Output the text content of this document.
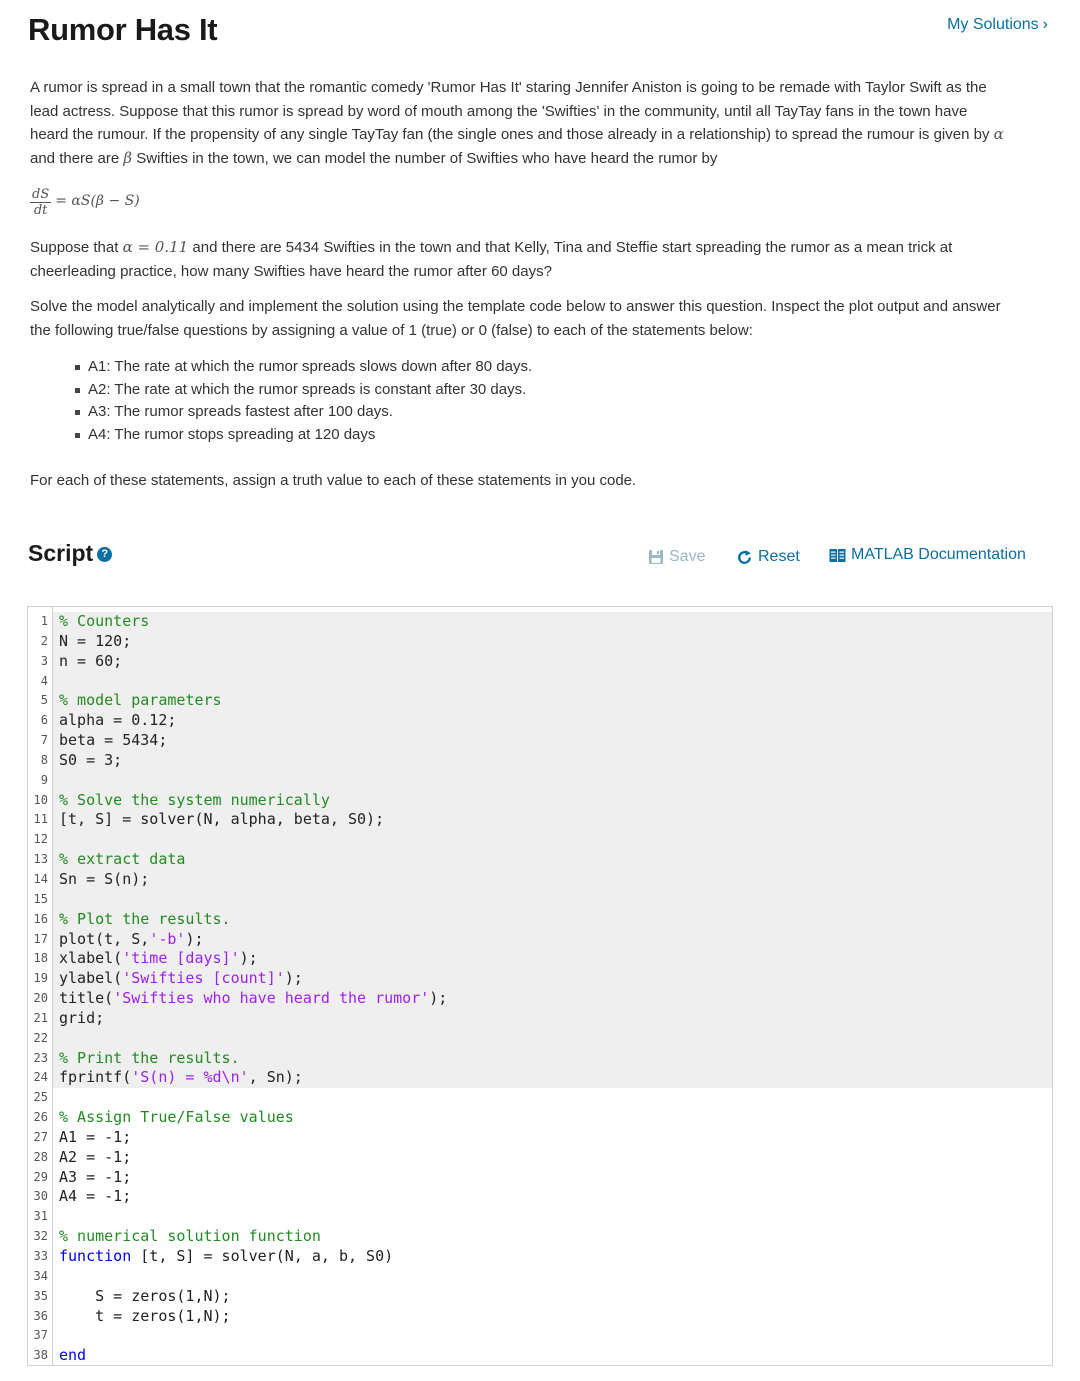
Rumor Has It	My Solutions ›

A rumor is spread in a small town that the romantic comedy 'Rumor Has It' staring Jennifer Aniston is going to be remade with Taylor Swift as the lead actress. Suppose that this rumor is spread by word of mouth among the 'Swifties' in the community, until all TayTay fans in the town have heard the rumour. If the propensity of any single TayTay fan (the single ones and those already in a relationship) to spread the rumour is given by α and there are β Swifties in the town, we can model the number of Swifties who have heard the rumor by

$\frac{dS}{dt} = \alpha S(\beta - S)$

Suppose that α = 0.11 and there are 5434 Swifties in the town and that Kelly, Tina and Steffie start spreading the rumor as a mean trick at cheerleading practice, how many Swifties have heard the rumor after 60 days?

Solve the model analytically and implement the solution using the template code below to answer this question. Inspect the plot output and answer the following true/false questions by assigning a value of 1 (true) or 0 (false) to each of the statements below:

A1: The rate at which the rumor spreads slows down after 80 days.
A2: The rate at which the rumor spreads is constant after 30 days.
A3: The rumor spreads fastest after 100 days.
A4: The rumor stops spreading at 120 days

For each of these statements, assign a truth value to each of these statements in you code.

Script ?	Save	Reset	MATLAB Documentation
1 % Counters
2 N = 120;
3 n = 60;
4
5 % model parameters
6 alpha = 0.12;
7 beta = 5434;
8 S0 = 3;
9
10 % Solve the system numerically
11 [t, S] = solver(N, alpha, beta, S0);
12
13 % extract data
14 Sn = S(n);
15
16 % Plot the results.
17 plot(t, S,'-b');
18 xlabel('time [days]');
19 ylabel('Swifties [count]');
20 title('Swifties who have heard the rumor');
21 grid;
22
23 % Print the results.
24 fprintf('S(n) = %d\n', Sn);
25
26 % Assign True/False values
27 A1 = -1;
28 A2 = -1;
29 A3 = -1;
30 A4 = -1;
31
32 % numerical solution function
33 function [t, S] = solver(N, a, b, S0)
34
35 S = zeros(1,N);
36 t = zeros(1,N);
37
38 end
